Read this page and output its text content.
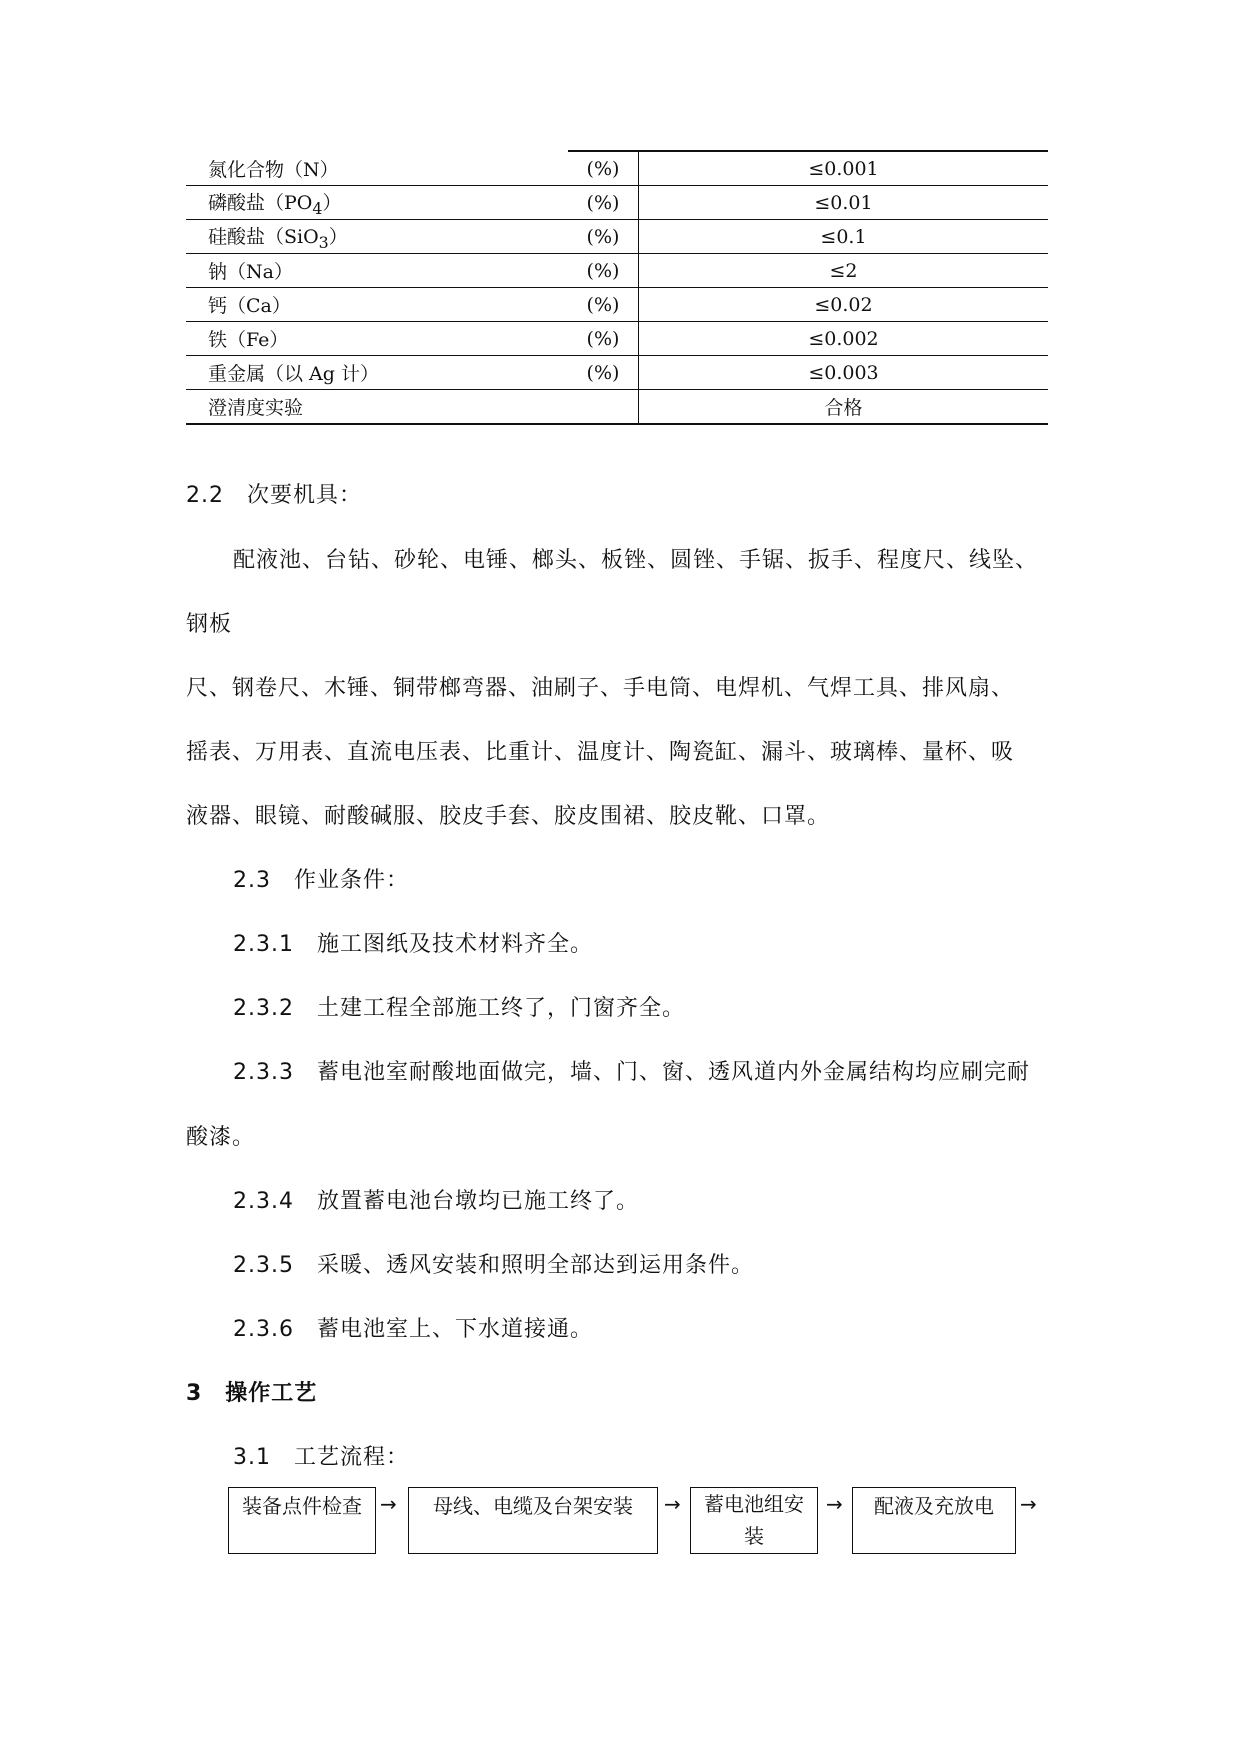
氮化合物（N）	(%)	≤0.001
磷酸盐$(PO_4)$	(%)	≤0.01
硅酸盐（SiO$_3$）	(%)	≤0.1
钠（Na）	(%)	≤2
钙（Ca）	(%)	≤0.02
铁（Fe）	(%)	≤0.002
重金属（以 Ag 计）	(%)	≤0.003
澄清度实验		合格
2.2　次要机具：
配液池、台钻、砂轮、电锤、榔头、板锉、圆锉、手锯、扳手、程度尺、线坠、
钢板
尺、钢卷尺、木锤、铜带榔弯器、油刷子、手电筒、电焊机、气焊工具、排风扇、
摇表、万用表、直流电压表、比重计、温度计、陶瓷缸、漏斗、玻璃棒、量杯、吸
液器、眼镜、耐酸碱服、胶皮手套、胶皮围裙、胶皮靴、口罩。
2.3　作业条件：
2.3.1　施工图纸及技术材料齐全。
2.3.2　土建工程全部施工终了，门窗齐全。
2.3.3　蓄电池室耐酸地面做完，墙、门、窗、透风道内外金属结构均应刷完耐
酸漆。
2.3.4　放置蓄电池台墩均已施工终了。
2.3.5　采暖、透风安装和照明全部达到运用条件。
2.3.6　蓄电池室上、下水道接通。
3　操作工艺
3.1　工艺流程：
装备点件检查 →	母线、电缆及台架安装	→	蓄电池组安装
→	配液及充放电	→
